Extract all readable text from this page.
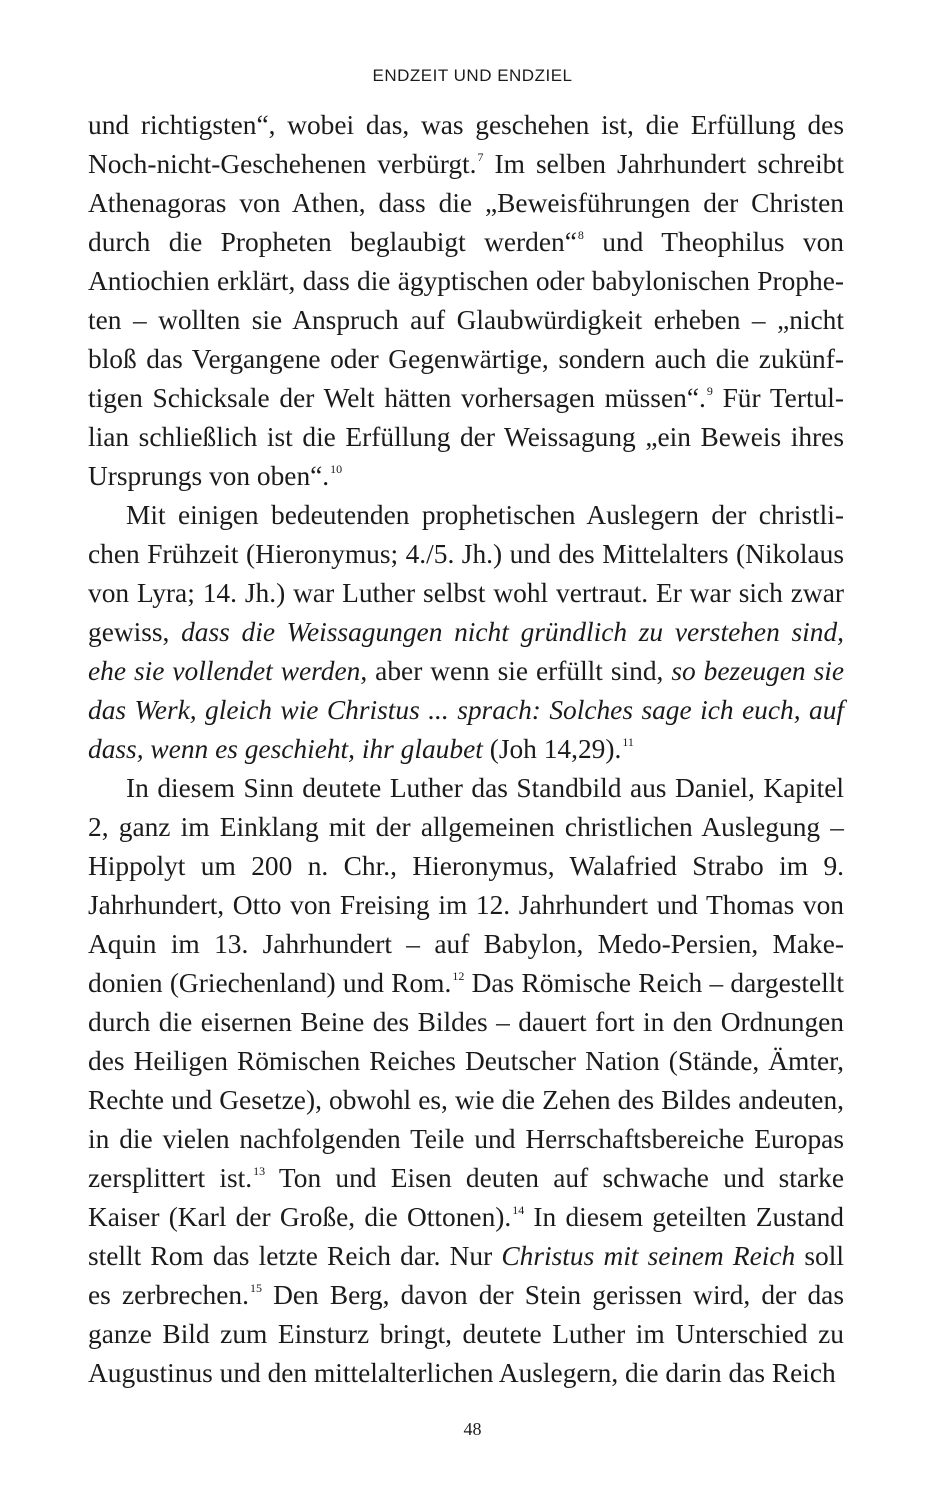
ENDZEIT UND ENDZIEL

und richtigsten“, wobei das, was geschehen ist, die Erfüllung des Noch-nicht-Geschehenen verbürgt.$^7$ Im selben Jahrhundert schreibt Athenagoras von Athen, dass die „Beweisführungen der Christen durch die Propheten beglaubigt werden“$^8$ und Theophilus von Antiochien erklärt, dass die ägyptischen oder babylonischen Propheten – wollten sie Anspruch auf Glaubwürdigkeit erheben – „nicht bloß das Vergangene oder Gegenwärtige, sondern auch die zukünftigen Schicksale der Welt hätten vorhersagen müssen“.$^9$ Für Tertullian schließlich ist die Erfüllung der Weissagung „ein Beweis ihres Ursprungs von oben“.$^{10}$

Mit einigen bedeutenden prophetischen Auslegern der christlichen Frühzeit (Hieronymus; 4./5. Jh.) und des Mittelalters (Nikolaus von Lyra; 14. Jh.) war Luther selbst wohl vertraut. Er war sich zwar gewiss, dass die Weissagungen nicht gründlich zu verstehen sind, ehe sie vollendet werden, aber wenn sie erfüllt sind, so bezeugen sie das Werk, gleich wie Christus ... sprach: Solches sage ich euch, auf dass, wenn es geschieht, ihr glaubet (Joh 14,29).$^{11}$

In diesem Sinn deutete Luther das Standbild aus Daniel, Kapitel 2, ganz im Einklang mit der allgemeinen christlichen Auslegung – Hippolyt um 200 n. Chr., Hieronymus, Walafried Strabo im 9. Jahrhundert, Otto von Freising im 12. Jahrhundert und Thomas von Aquin im 13. Jahrhundert – auf Babylon, Medo-Persien, Makedonien (Griechenland) und Rom.$^{12}$ Das Römische Reich – dargestellt durch die eisernen Beine des Bildes – dauert fort in den Ordnungen des Heiligen Römischen Reiches Deutscher Nation (Stände, Ämter, Rechte und Gesetze), obwohl es, wie die Zehen des Bildes andeuten, in die vielen nachfolgenden Teile und Herrschaftsbereiche Europas zersplittert ist.$^{13}$ Ton und Eisen deuten auf schwache und starke Kaiser (Karl der Große, die Ottonen).$^{14}$ In diesem geteilten Zustand stellt Rom das letzte Reich dar. Nur Christus mit seinem Reich soll es zerbrechen.$^{15}$ Den Berg, davon der Stein gerissen wird, der das ganze Bild zum Einsturz bringt, deutete Luther im Unterschied zu Augustinus und den mittelalterlichen Auslegern, die darin das Reich

48
